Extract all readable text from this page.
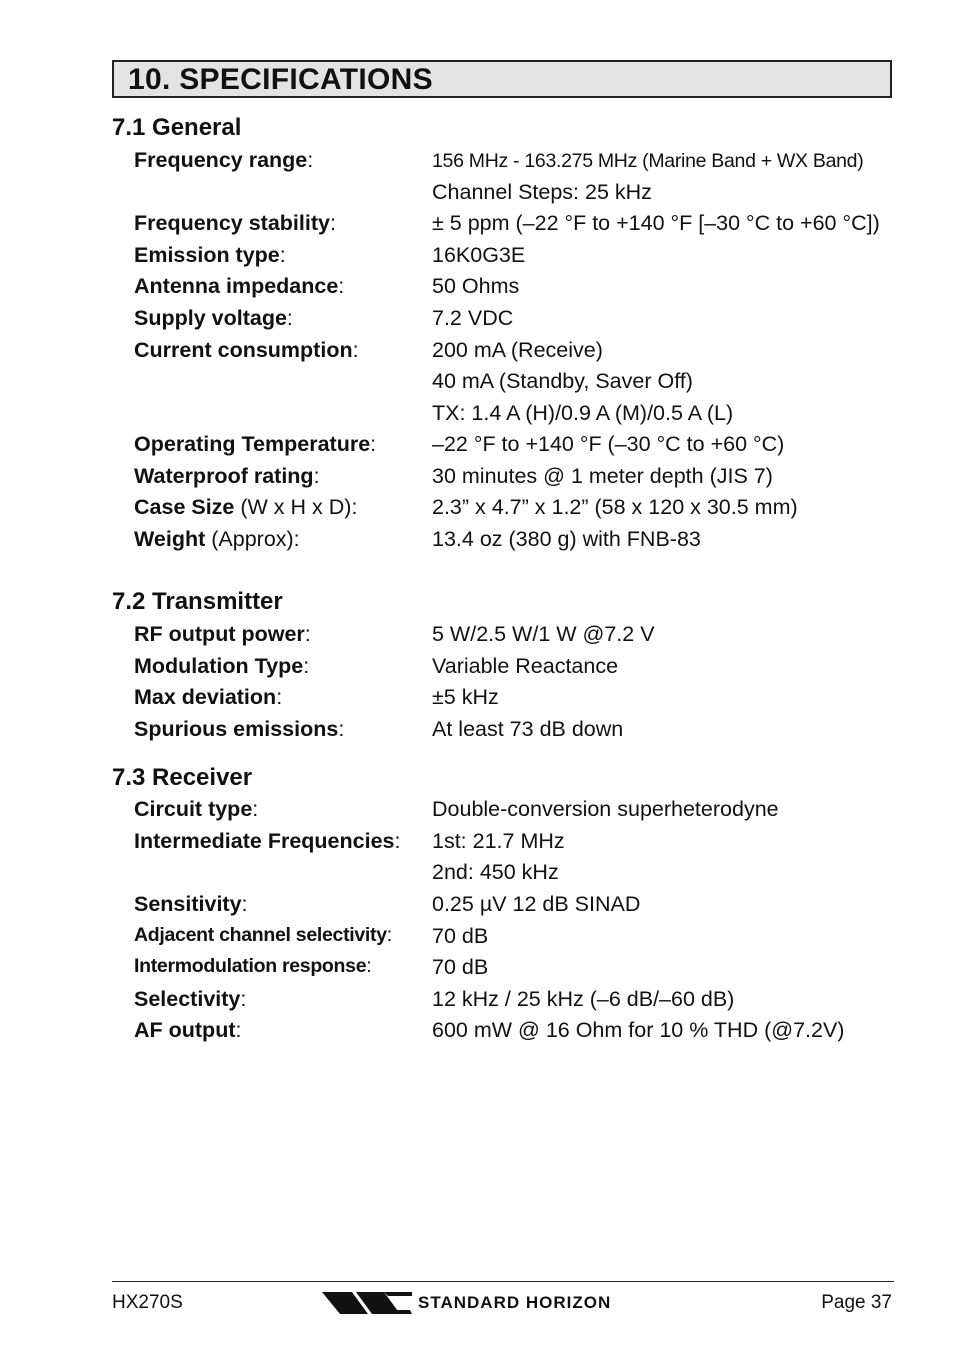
10. SPECIFICATIONS
7.1 General
Frequency range:	156 MHz - 163.275 MHz (Marine Band + WX Band)
Channel Steps: 25 kHz
Frequency stability:	± 5 ppm (–22 °F to +140 °F [–30 °C to +60 °C])
Emission type:	16K0G3E
Antenna impedance:	50 Ohms
Supply voltage:	7.2 VDC
Current consumption:	200 mA (Receive)
40 mA (Standby, Saver Off)
TX: 1.4 A (H)/0.9 A (M)/0.5 A (L)
Operating Temperature:	–22 °F to +140 °F (–30 °C to +60 °C)
Waterproof rating:	30 minutes @ 1 meter depth (JIS 7)
Case Size (W x H x D):	2.3” x 4.7” x 1.2” (58 x 120 x 30.5 mm)
Weight (Approx):	13.4 oz (380 g) with FNB-83
7.2 Transmitter
RF output power:	5 W/2.5 W/1 W @7.2 V
Modulation Type:	Variable Reactance
Max deviation:	±5 kHz
Spurious emissions:	At least 73 dB down
7.3 Receiver
Circuit type:	Double-conversion superheterodyne
Intermediate Frequencies: 1st: 21.7 MHz
2nd: 450 kHz
Sensitivity:	0.25 µV 12 dB SINAD
Adjacent channel selectivity: 70 dB
Intermodulation response:	70 dB
Selectivity:	12 kHz / 25 kHz (–6 dB/–60 dB)
AF output:	600 mW @ 16 Ohm for 10 % THD (@7.2V)
HX270S	STANDARD HORIZON	Page 37
